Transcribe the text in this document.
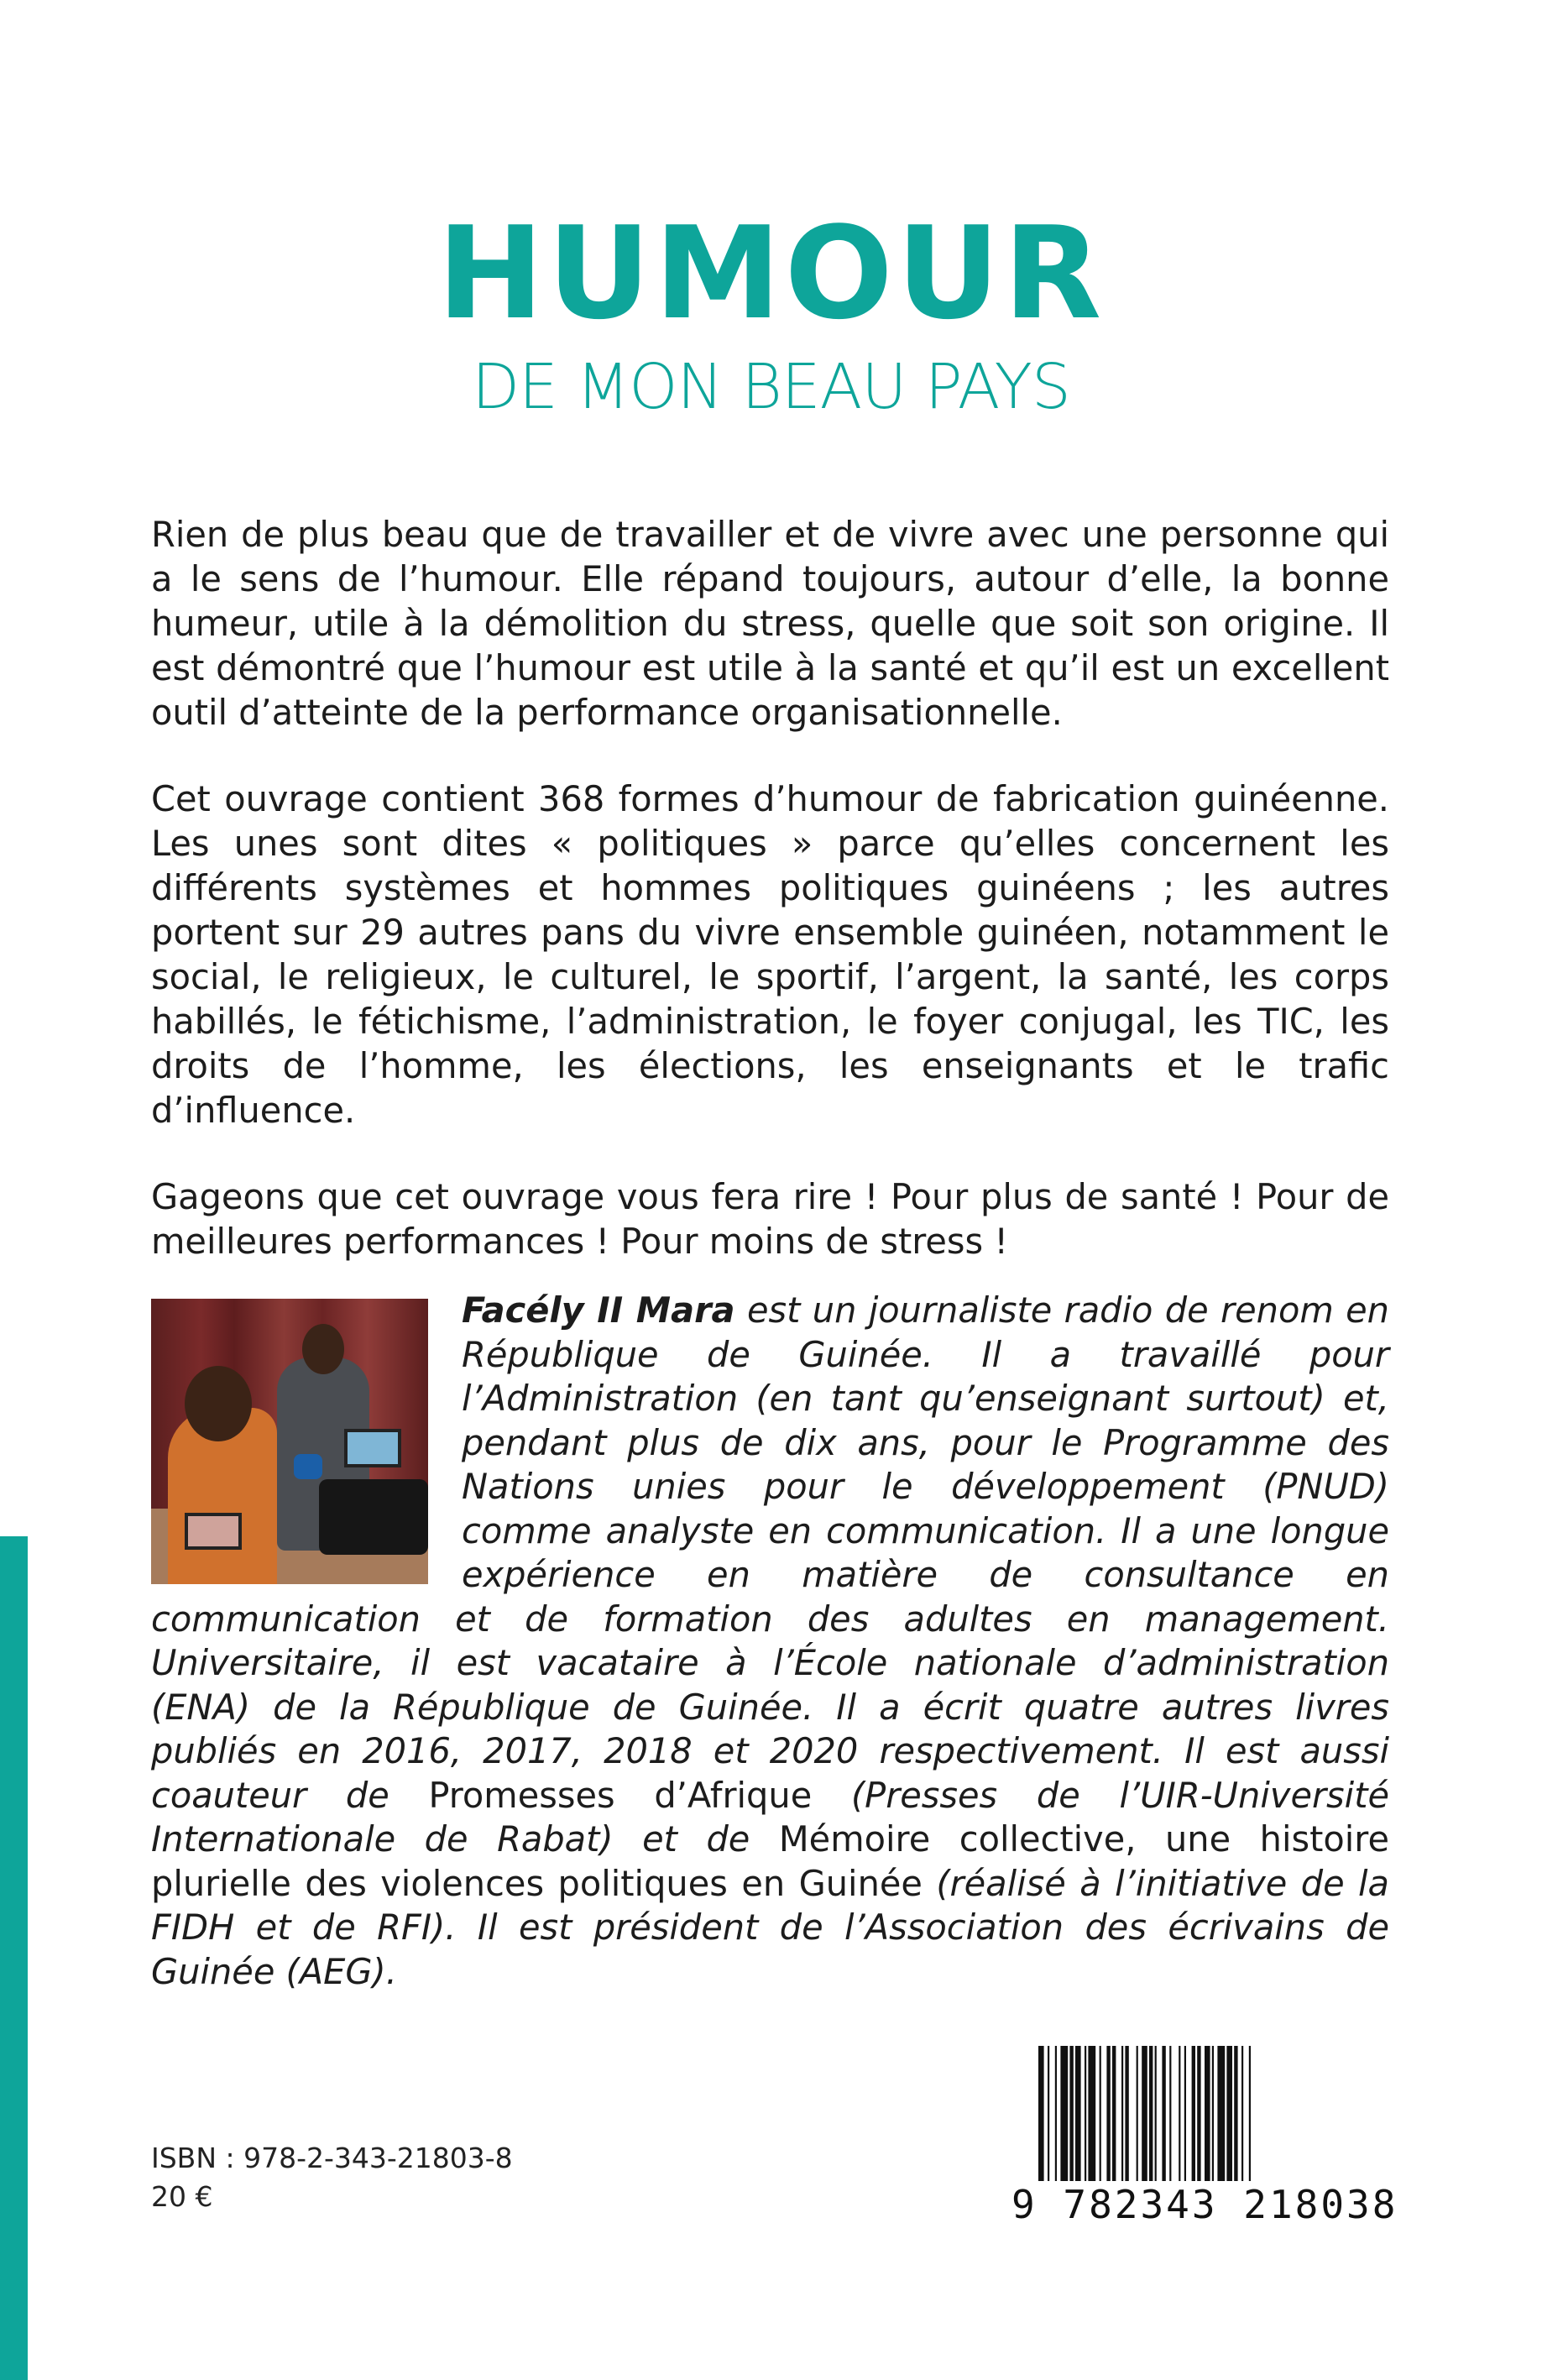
HUMOUR
DE MON BEAU PAYS

Rien de plus beau que de travailler et de vivre avec une personne qui a le sens de l’humour. Elle répand toujours, autour d’elle, la bonne humeur, utile à la démolition du stress, quelle que soit son origine. Il est démontré que l’humour est utile à la santé et qu’il est un excellent outil d’atteinte de la performance organisationnelle.

Cet ouvrage contient 368 formes d’humour de fabrication guinéenne. Les unes sont dites « politiques » parce qu’elles concernent les différents systèmes et hommes politiques guinéens ; les autres portent sur 29 autres pans du vivre ensemble guinéen, notamment le social, le religieux, le culturel, le sportif, l’argent, la santé, les corps habillés, le fétichisme, l’administration, le foyer conjugal, les TIC, les droits de l’homme, les élections, les enseignants et le trafic d’influence.

Gageons que cet ouvrage vous fera rire ! Pour plus de santé ! Pour de meilleures performances ! Pour moins de stress !

Facély II Mara est un journaliste radio de renom en République de Guinée. Il a travaillé pour l’Administration (en tant qu’enseignant surtout) et, pendant plus de dix ans, pour le Programme des Nations unies pour le développement (PNUD) comme analyste en communication. Il a une longue expérience en matière de consultance en communication et de formation des adultes en management. Universitaire, il est vacataire à l’École nationale d’administration (ENA) de la République de Guinée. Il a écrit quatre autres livres publiés en 2016, 2017, 2018 et 2020 respectivement. Il est aussi coauteur de Promesses d’Afrique (Presses de l’UIR-Université Internationale de Rabat) et de Mémoire collective, une histoire plurielle des violences politiques en Guinée (réalisé à l’initiative de la FIDH et de RFI). Il est président de l’Association des écrivains de Guinée (AEG).

ISBN : 978-2-343-21803-8
20 €	9 782343 218038
